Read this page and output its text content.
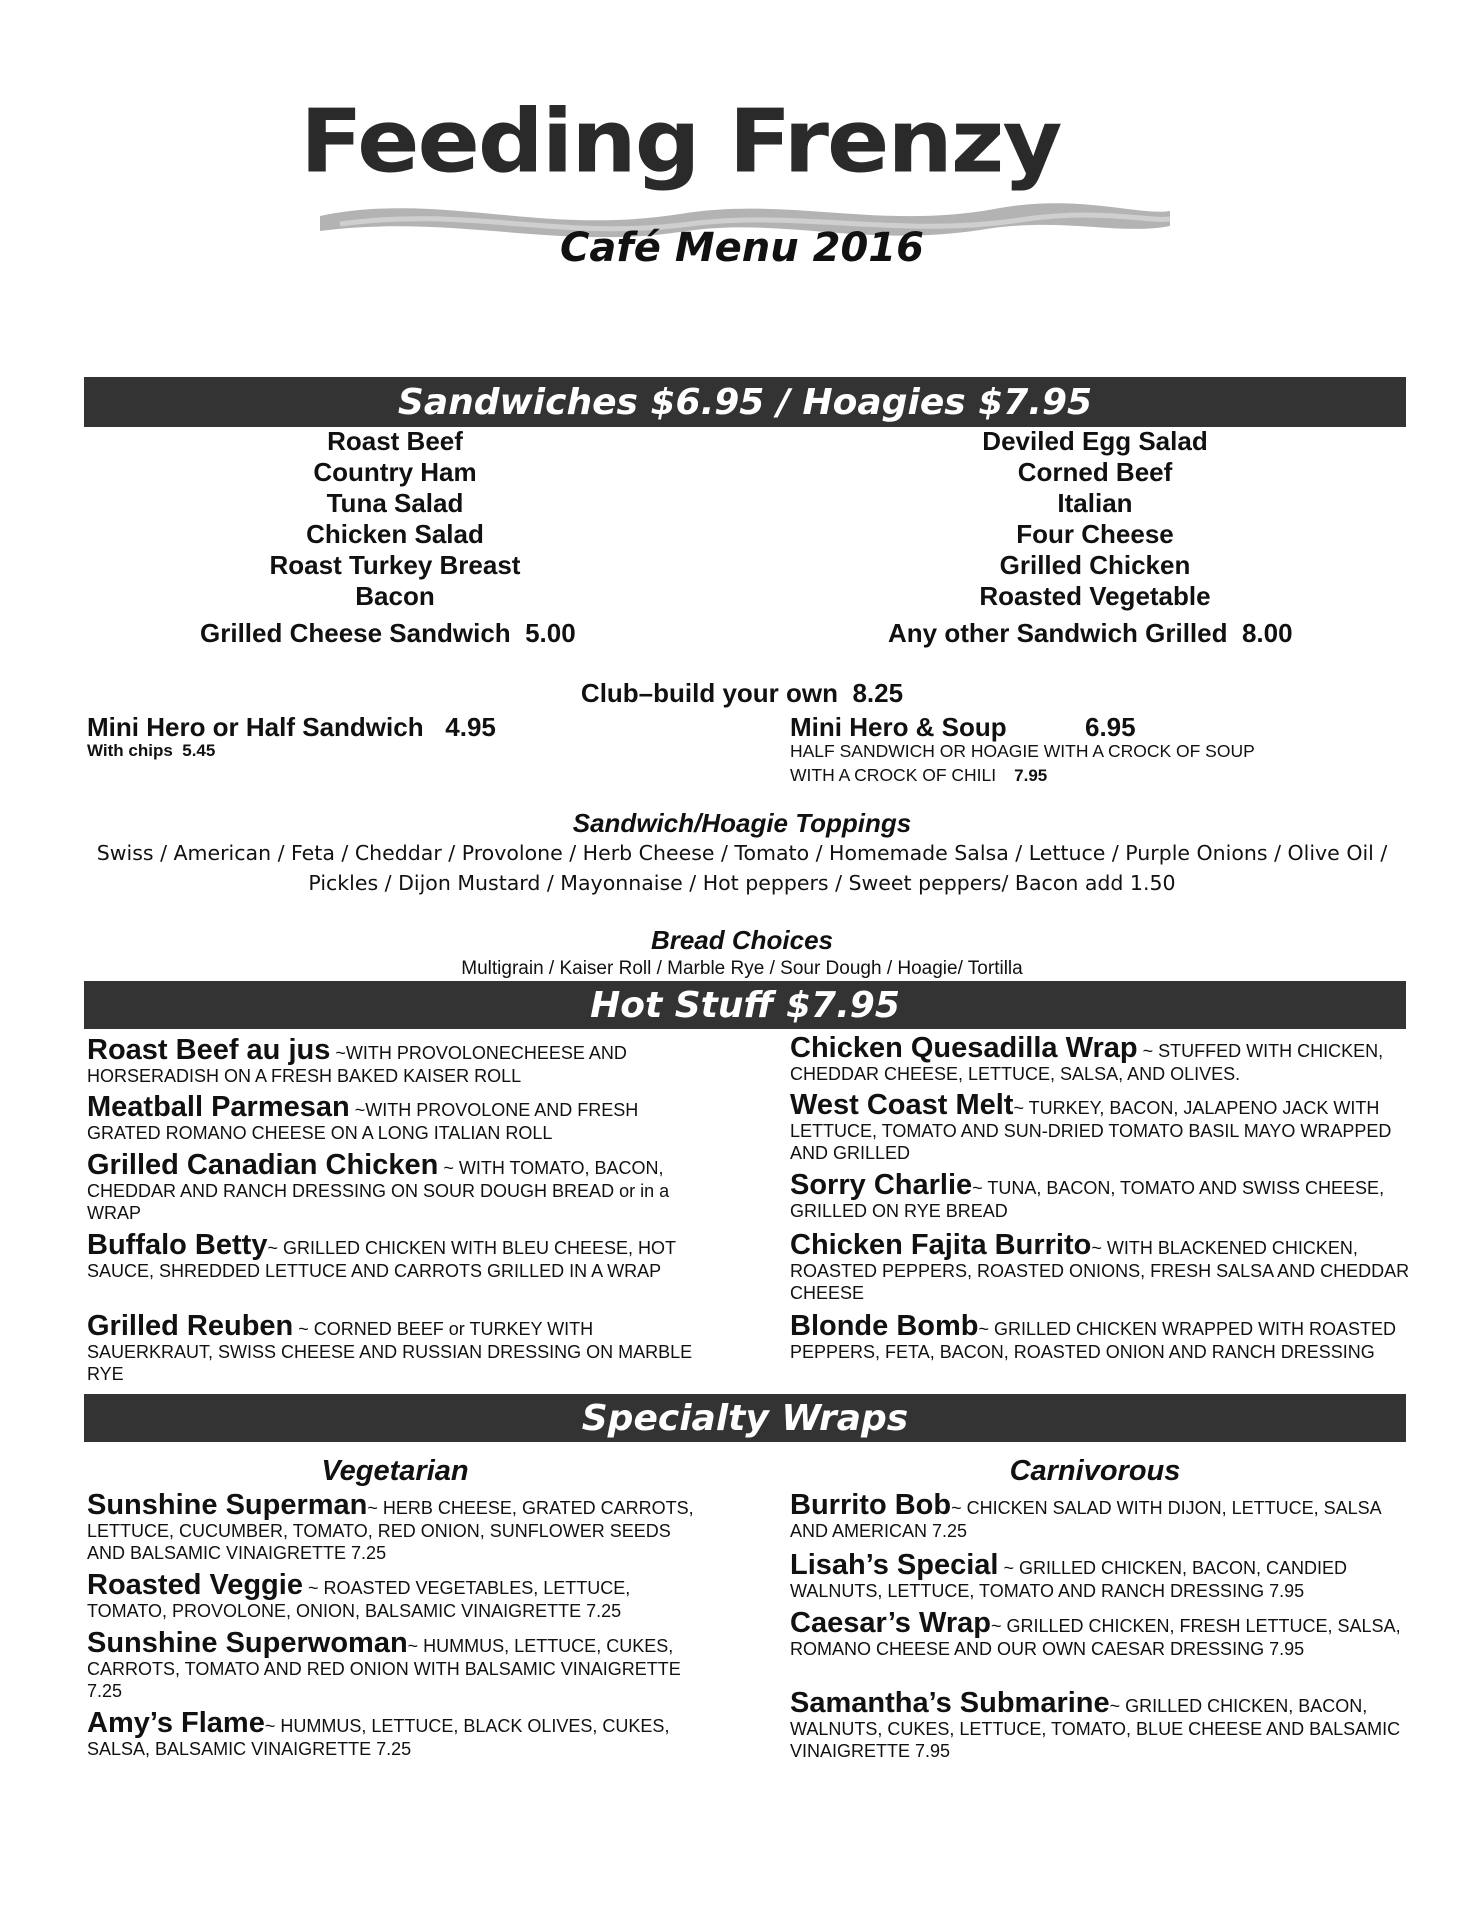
Feeding Frenzy
Café Menu 2016
Sandwiches $6.95 / Hoagies $7.95
Roast Beef
Country Ham
Tuna Salad
Chicken Salad
Roast Turkey Breast
Bacon
Deviled Egg Salad
Corned Beef
Italian
Four Cheese
Grilled Chicken
Roasted Vegetable
Grilled Cheese Sandwich  5.00	Any other Sandwich Grilled  8.00
Club–build your own  8.25
Mini Hero or Half Sandwich   4.95
With chips  5.45
Mini Hero & Soup	6.95
HALF SANDWICH OR HOAGIE WITH A CROCK OF SOUP
WITH A CROCK OF CHILI 7.95
Sandwich/Hoagie Toppings
Swiss / American / Feta / Cheddar / Provolone / Herb Cheese / Tomato / Homemade Salsa / Lettuce / Purple Onions / Olive Oil /
Pickles / Dijon Mustard / Mayonnaise / Hot peppers / Sweet peppers/ Bacon add 1.50
Bread Choices
Multigrain / Kaiser Roll / Marble Rye / Sour Dough / Hoagie/ Tortilla
Hot Stuff $7.95
Roast Beef au jus ~WITH PROVOLONECHEESE AND HORSERADISH ON A FRESH BAKED KAISER ROLL
Meatball Parmesan ~WITH PROVOLONE AND FRESH GRATED ROMANO CHEESE ON A LONG ITALIAN ROLL
Grilled Canadian Chicken ~ WITH TOMATO, BACON, CHEDDAR AND RANCH DRESSING ON SOUR DOUGH BREAD or in a WRAP
Buffalo Betty~ GRILLED CHICKEN WITH BLEU CHEESE, HOT SAUCE, SHREDDED LETTUCE AND CARROTS GRILLED IN A WRAP
Grilled Reuben ~ CORNED BEEF or TURKEY WITH SAUERKRAUT, SWISS CHEESE AND RUSSIAN DRESSING ON MARBLE RYE
Chicken Quesadilla Wrap ~ STUFFED WITH CHICKEN, CHEDDAR CHEESE, LETTUCE, SALSA, AND OLIVES.
West Coast Melt~ TURKEY, BACON, JALAPENO JACK WITH LETTUCE, TOMATO AND SUN-DRIED TOMATO BASIL MAYO WRAPPED AND GRILLED
Sorry Charlie~ TUNA, BACON, TOMATO AND SWISS CHEESE, GRILLED ON RYE BREAD
Chicken Fajita Burrito~ WITH BLACKENED CHICKEN, ROASTED PEPPERS, ROASTED ONIONS, FRESH SALSA AND CHEDDAR CHEESE
Blonde Bomb~ GRILLED CHICKEN WRAPPED WITH ROASTED PEPPERS, FETA, BACON, ROASTED ONION AND RANCH DRESSING
Specialty Wraps
Vegetarian	Carnivorous
Sunshine Superman~ HERB CHEESE, GRATED CARROTS, LETTUCE, CUCUMBER, TOMATO, RED ONION, SUNFLOWER SEEDS AND BALSAMIC VINAIGRETTE 7.25
Roasted Veggie ~ ROASTED VEGETABLES, LETTUCE, TOMATO, PROVOLONE, ONION, BALSAMIC VINAIGRETTE 7.25
Sunshine Superwoman~ HUMMUS, LETTUCE, CUKES, CARROTS, TOMATO AND RED ONION WITH BALSAMIC VINAIGRETTE 7.25
Amy’s Flame~ HUMMUS, LETTUCE, BLACK OLIVES, CUKES, SALSA, BALSAMIC VINAIGRETTE 7.25
Burrito Bob~ CHICKEN SALAD WITH DIJON, LETTUCE, SALSA AND AMERICAN 7.25
Lisah’s Special ~ GRILLED CHICKEN, BACON, CANDIED WALNUTS, LETTUCE, TOMATO AND RANCH DRESSING 7.95
Caesar’s Wrap~ GRILLED CHICKEN, FRESH LETTUCE, SALSA, ROMANO CHEESE AND OUR OWN CAESAR DRESSING 7.95
Samantha’s Submarine~ GRILLED CHICKEN, BACON, WALNUTS, CUKES, LETTUCE, TOMATO, BLUE CHEESE AND BALSAMIC VINAIGRETTE 7.95
